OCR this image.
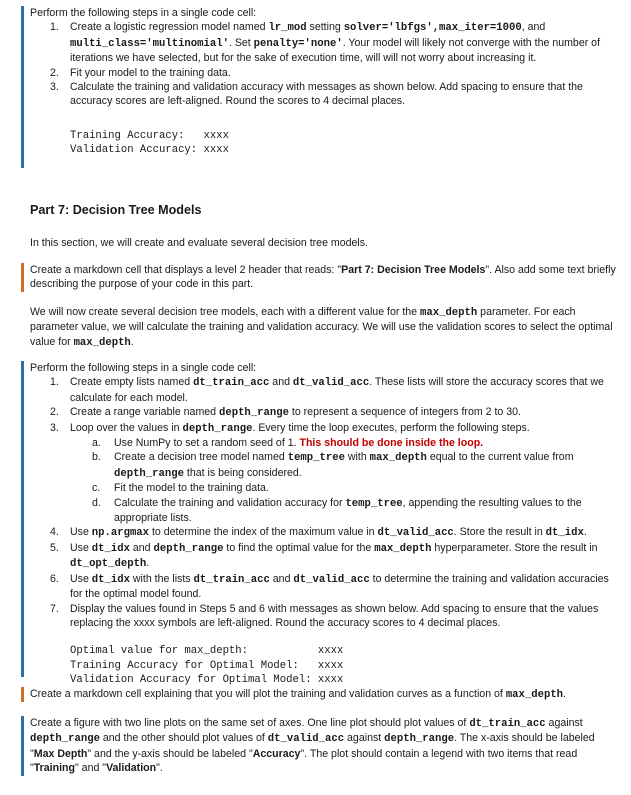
Perform the following steps in a single code cell:

1. Create a logistic regression model named lr_mod setting solver='lbfgs',max_iter=1000, and multi_class='multinomial'. Set penalty='none'. Your model will likely not converge with the number of iterations we have selected, but for the sake of execution time, will will not worry about increasing it.
2. Fit your model to the training data.
3. Calculate the training and validation accuracy with messages as shown below. Add spacing to ensure that the accuracy scores are left-aligned. Round the scores to 4 decimal places.
Training Accuracy:   xxxx
Validation Accuracy: xxxx
Part 7: Decision Tree Models

In this section, we will create and evaluate several decision tree models.

Create a markdown cell that displays a level 2 header that reads: "Part 7: Decision Tree Models". Also add some text briefly describing the purpose of your code in this part.

We will now create several decision tree models, each with a different value for the max_depth parameter. For each parameter value, we will calculate the training and validation accuracy. We will use the validation scores to select the optimal value for max_depth.

Perform the following steps in a single code cell:

1. Create empty lists named dt_train_acc and dt_valid_acc. These lists will store the accuracy scores that we calculate for each model.
2. Create a range variable named depth_range to represent a sequence of integers from 2 to 30.
3. Loop over the values in depth_range. Every time the loop executes, perform the following steps.
a. Use NumPy to set a random seed of 1. This should be done inside the loop.
b. Create a decision tree model named temp_tree with max_depth equal to the current value from depth_range that is being considered.
c. Fit the model to the training data.
d. Calculate the training and validation accuracy for temp_tree, appending the resulting values to the appropriate lists.
4. Use np.argmax to determine the index of the maximum value in dt_valid_acc. Store the result in dt_idx.
5. Use dt_idx and depth_range to find the optimal value for the max_depth hyperparameter. Store the result in dt_opt_depth.
6. Use dt_idx with the lists dt_train_acc and dt_valid_acc to determine the training and validation accuracies for the optimal model found.
7. Display the values found in Steps 5 and 6 with messages as shown below. Add spacing to ensure that the values replacing the xxxx symbols are left-aligned. Round the accuracy scores to 4 decimal places.
Optimal value for max_depth:           xxxx
Training Accuracy for Optimal Model:   xxxx
Validation Accuracy for Optimal Model: xxxx
Create a markdown cell explaining that you will plot the training and validation curves as a function of max_depth.
Create a figure with two line plots on the same set of axes. One line plot should plot values of dt_train_acc against depth_range and the other should plot values of dt_valid_acc against depth_range. The x-axis should be labeled "Max Depth" and the y-axis should be labeled "Accuracy". The plot should contain a legend with two items that read "Training" and "Validation".
